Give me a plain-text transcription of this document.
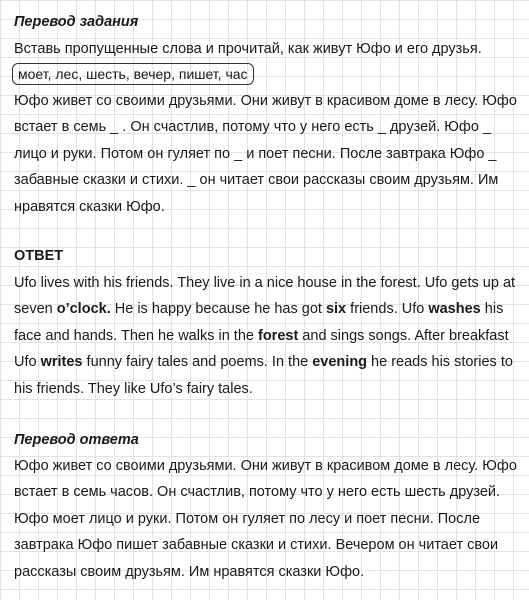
Перевод задания
Вставь пропущенные слова и прочитай, как живут Юфо и его друзья.
моет, лес, шесть, вечер, пишет, час
Юфо живет со своими друзьями. Они живут в красивом доме в лесу. Юфо встает в семь _ . Он счастлив, потому что у него есть _ друзей. Юфо _ лицо и руки. Потом он гуляет по _ и поет песни. После завтрака Юфо _ забавные сказки и стихи. _ он читает свои рассказы своим друзьям. Им нравятся сказки Юфо.
ОТВЕТ
Ufo lives with his friends. They live in a nice house in the forest. Ufo gets up at seven o’clock. He is happy because he has got six friends. Ufo washes his face and hands. Then he walks in the forest and sings songs. After breakfast Ufo writes funny fairy tales and poems. In the evening he reads his stories to his friends. They like Ufo’s fairy tales.
Перевод ответа
Юфо живет со своими друзьями. Они живут в красивом доме в лесу. Юфо встает в семь часов. Он счастлив, потому что у него есть шесть друзей. Юфо моет лицо и руки. Потом он гуляет по лесу и поет песни. После завтрака Юфо пишет забавные сказки и стихи. Вечером он читает свои рассказы своим друзьям. Им нравятся сказки Юфо.
